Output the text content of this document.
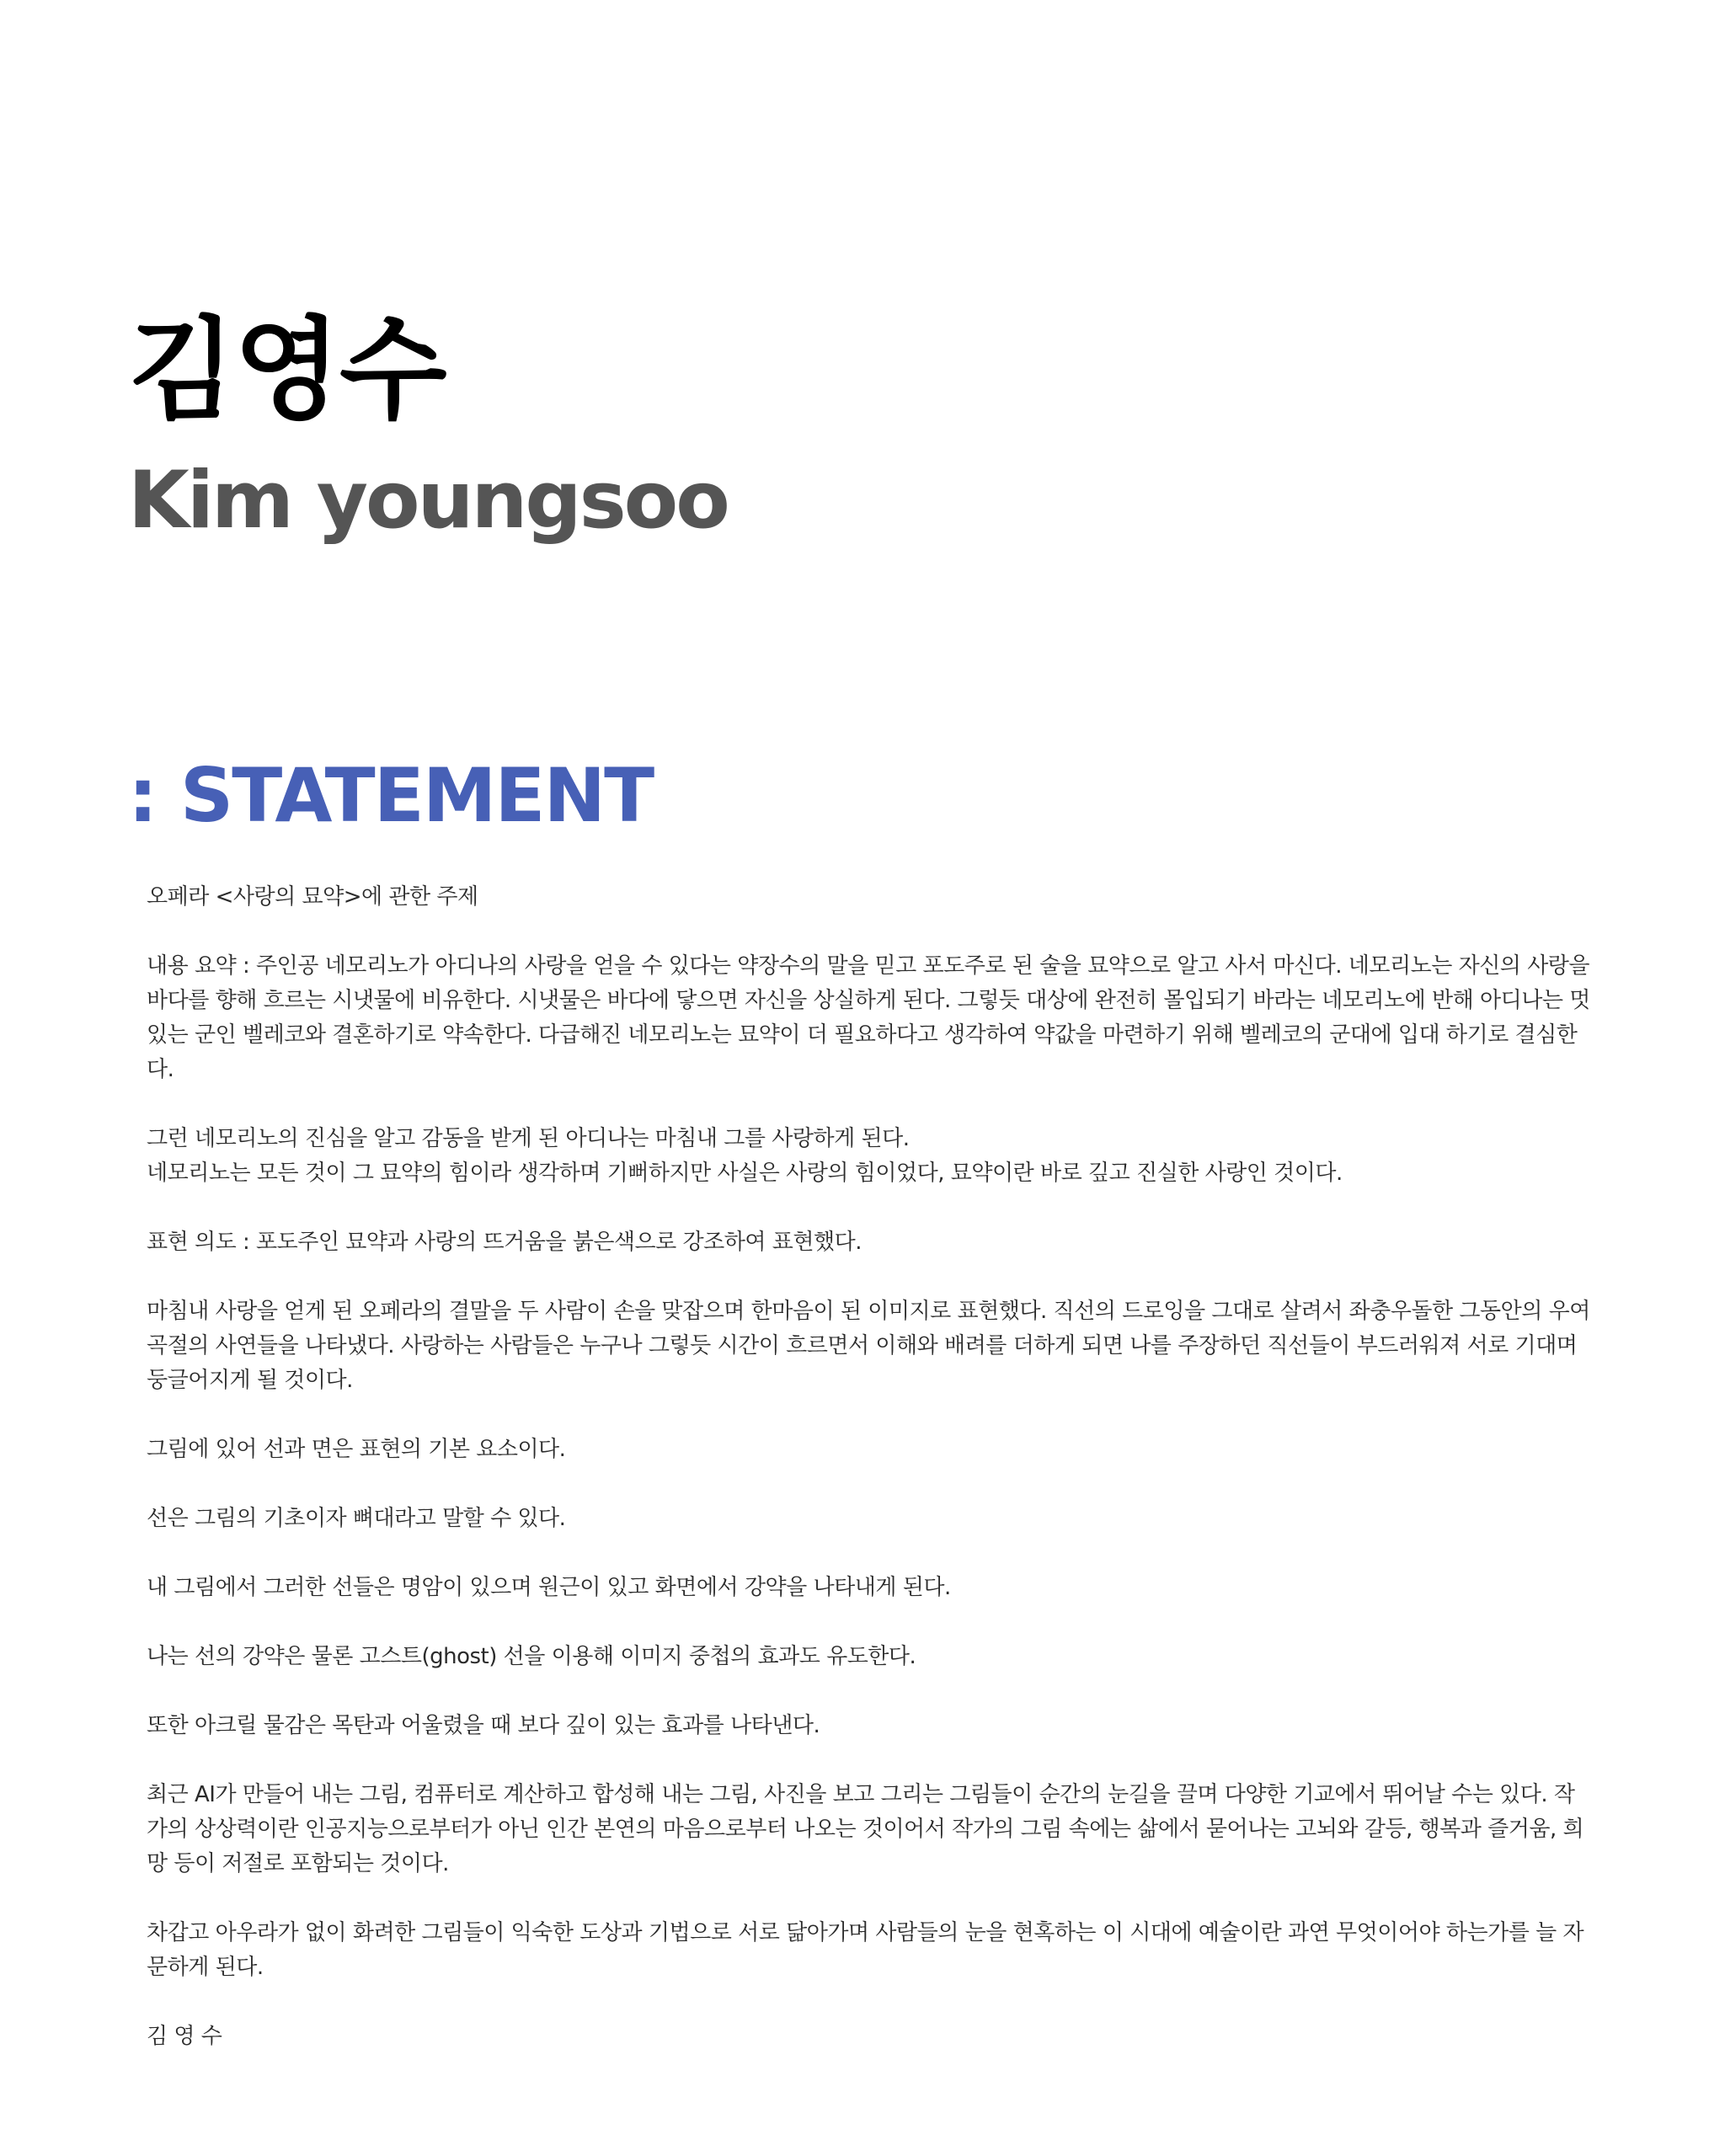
김영수
Kim youngsoo
: STATEMENT

오페라 <사랑의 묘약>에 관한 주제

내용 요약 : 주인공 네모리노가 아디나의 사랑을 얻을 수 있다는 약장수의 말을 믿고 포도주로 된 술을 묘약으로 알고 사서 마신다. 네모리노는 자신의 사랑을 바다를 향해 흐르는 시냇물에 비유한다. 시냇물은 바다에 닿으면 자신을 상실하게 된다. 그렇듯 대상에 완전히 몰입되기 바라는 네모리노에 반해 아디나는 멋있는 군인 벨레코와 결혼하기로 약속한다. 다급해진 네모리노는 묘약이 더 필요하다고 생각하여 약값을 마련하기 위해 벨레코의 군대에 입대 하기로 결심한다.

그런 네모리노의 진심을 알고 감동을 받게 된 아디나는 마침내 그를 사랑하게 된다.
네모리노는 모든 것이 그 묘약의 힘이라 생각하며 기뻐하지만 사실은 사랑의 힘이었다, 묘약이란 바로 깊고 진실한 사랑인 것이다.

표현 의도 : 포도주인 묘약과 사랑의 뜨거움을 붉은색으로 강조하여 표현했다.

마침내 사랑을 얻게 된 오페라의 결말을 두 사람이 손을 맞잡으며 한마음이 된 이미지로 표현했다. 직선의 드로잉을 그대로 살려서 좌충우돌한 그동안의 우여곡절의 사연들을 나타냈다. 사랑하는 사람들은 누구나 그렇듯 시간이 흐르면서 이해와 배려를 더하게 되면 나를 주장하던 직선들이 부드러워져 서로 기대며 둥글어지게 될 것이다.

그림에 있어 선과 면은 표현의 기본 요소이다.

선은 그림의 기초이자 뼈대라고 말할 수 있다.

내 그림에서 그러한 선들은 명암이 있으며 원근이 있고 화면에서 강약을 나타내게 된다.

나는 선의 강약은 물론 고스트(ghost) 선을 이용해 이미지 중첩의 효과도 유도한다.

또한 아크릴 물감은 목탄과 어울렸을 때 보다 깊이 있는 효과를 나타낸다.

최근 AI가 만들어 내는 그림, 컴퓨터로 계산하고 합성해 내는 그림, 사진을 보고 그리는 그림들이 순간의 눈길을 끌며 다양한 기교에서 뛰어날 수는 있다. 작가의 상상력이란 인공지능으로부터가 아닌 인간 본연의 마음으로부터 나오는 것이어서 작가의 그림 속에는 삶에서 묻어나는 고뇌와 갈등, 행복과 즐거움, 희망 등이 저절로 포함되는 것이다.

차갑고 아우라가 없이 화려한 그림들이 익숙한 도상과 기법으로 서로 닮아가며 사람들의 눈을 현혹하는 이 시대에 예술이란 과연 무엇이어야 하는가를 늘 자문하게 된다.

김 영 수
